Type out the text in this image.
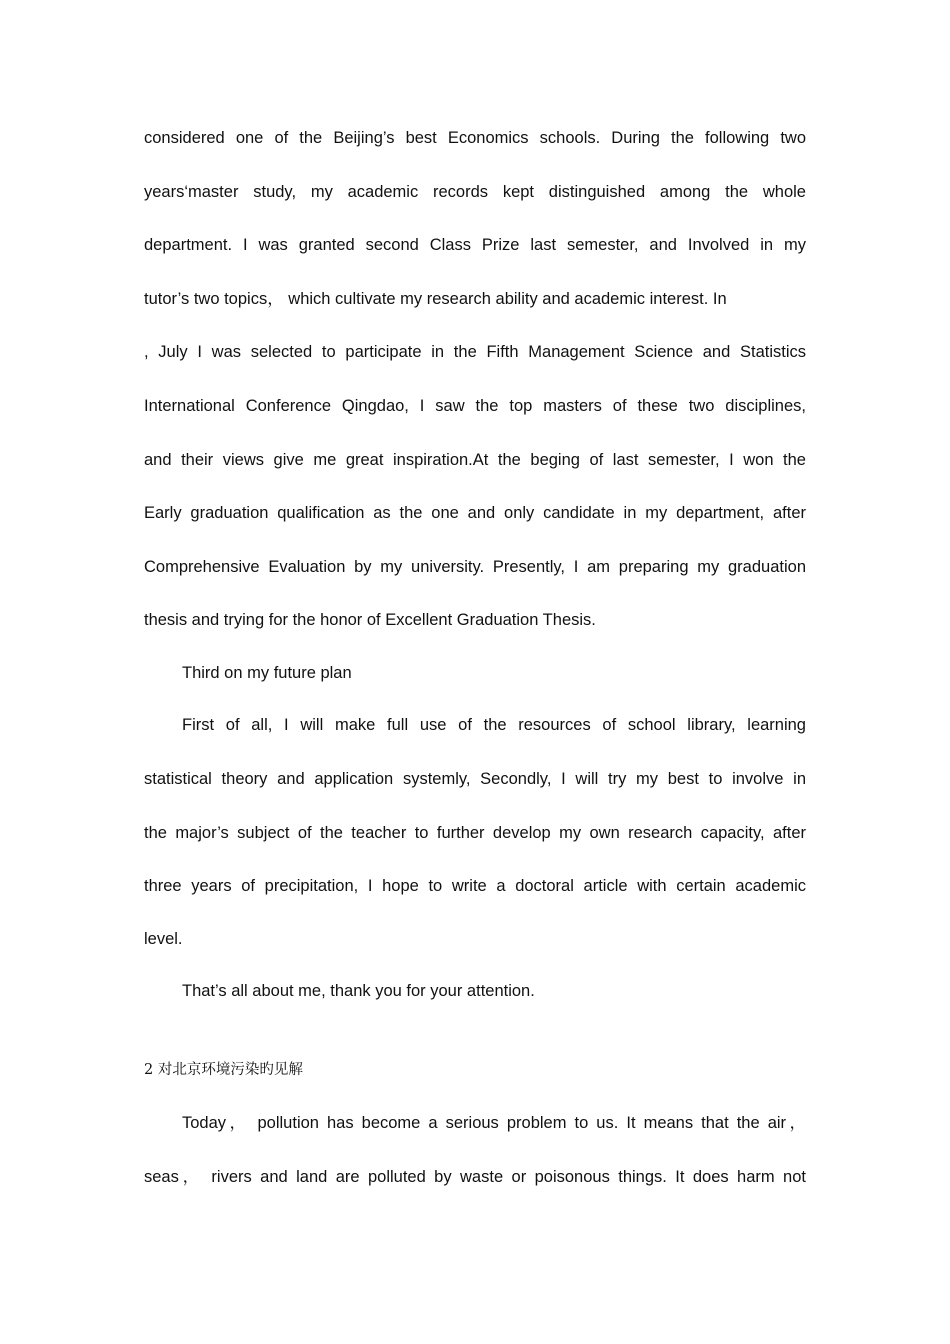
considered one of the Beijing’s best Economics schools. During the following two
years‘master study, my academic records kept distinguished among the whole
department. I was granted second Class Prize last semester, and Involved in my
tutor’s two topics， which cultivate my research ability and academic interest. In
, July I was selected to participate in the Fifth Management Science and Statistics
International Conference Qingdao, I saw the top masters of these two disciplines,
and their views give me great inspiration.At the beging of last semester, I won the
Early graduation qualification as the one and only candidate in my department, after
Comprehensive Evaluation by my university. Presently, I am preparing my graduation
thesis and trying for the honor of Excellent Graduation Thesis.
Third on my future plan
First of all, I will make full use of the resources of school library, learning
statistical theory and application systemly, Secondly, I will try my best to involve in
the major’s subject of the teacher to further develop my own research capacity, after
three years of precipitation, I hope to write a doctoral article with certain academic
level.
That’s all about me, thank you for your attention.
2 对北京环境污染旳见解
Today， pollution has become a serious problem to us. It means that the air，
seas， rivers and land are polluted by waste or poisonous things. It does harm not
